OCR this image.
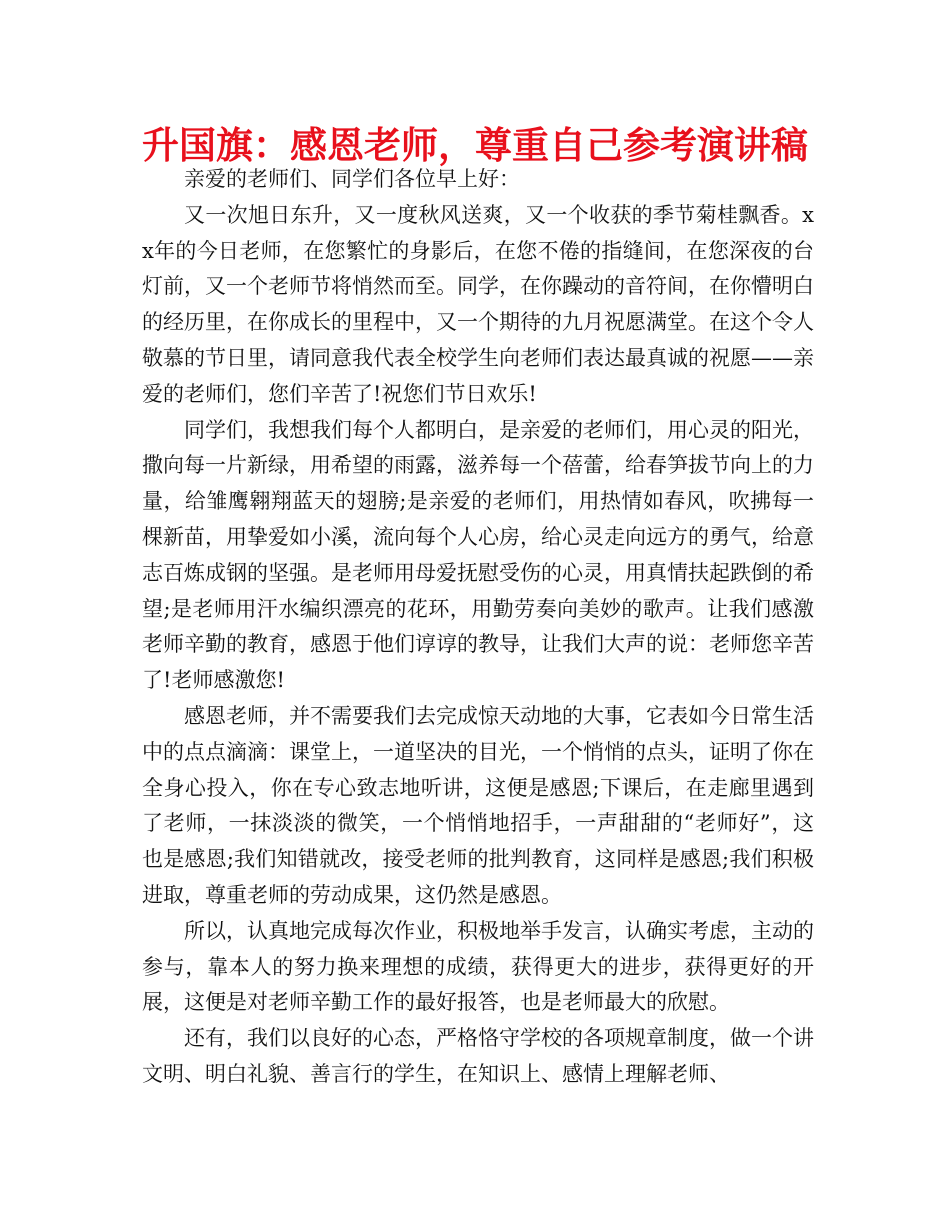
升国旗：感恩老师，尊重自己参考演讲稿

亲爱的老师们、同学们各位早上好：

又一次旭日东升，又一度秋风送爽，又一个收获的季节菊桂飘香。xx年的今日老师，在您繁忙的身影后，在您不倦的指缝间，在您深夜的台灯前，又一个老师节将悄然而至。同学，在你躁动的音符间，在你懵明白的经历里，在你成长的里程中，又一个期待的九月祝愿满堂。在这个令人敬慕的节日里，请同意我代表全校学生向老师们表达最真诚的祝愿——亲爱的老师们，您们辛苦了!祝您们节日欢乐!

同学们，我想我们每个人都明白，是亲爱的老师们，用心灵的阳光，撒向每一片新绿，用希望的雨露，滋养每一个蓓蕾，给春笋拔节向上的力量，给雏鹰翱翔蓝天的翅膀;是亲爱的老师们，用热情如春风，吹拂每一棵新苗，用挚爱如小溪，流向每个人心房，给心灵走向远方的勇气，给意志百炼成钢的坚强。是老师用母爱抚慰受伤的心灵，用真情扶起跌倒的希望;是老师用汗水编织漂亮的花环，用勤劳奏向美妙的歌声。让我们感激老师辛勤的教育，感恩于他们谆谆的教导，让我们大声的说：老师您辛苦了!老师感激您!

感恩老师，并不需要我们去完成惊天动地的大事，它表如今日常生活中的点点滴滴：课堂上，一道坚决的目光，一个悄悄的点头，证明了你在全身心投入，你在专心致志地听讲，这便是感恩;下课后，在走廊里遇到了老师，一抹淡淡的微笑，一个悄悄地招手，一声甜甜的“老师好”，这也是感恩;我们知错就改，接受老师的批判教育，这同样是感恩;我们积极进取，尊重老师的劳动成果，这仍然是感恩。

所以，认真地完成每次作业，积极地举手发言，认确实考虑，主动的参与，靠本人的努力换来理想的成绩，获得更大的进步，获得更好的开展，这便是对老师辛勤工作的最好报答，也是老师最大的欣慰。

还有，我们以良好的心态，严格恪守学校的各项规章制度，做一个讲文明、明白礼貌、善言行的学生，在知识上、感情上理解老师、
